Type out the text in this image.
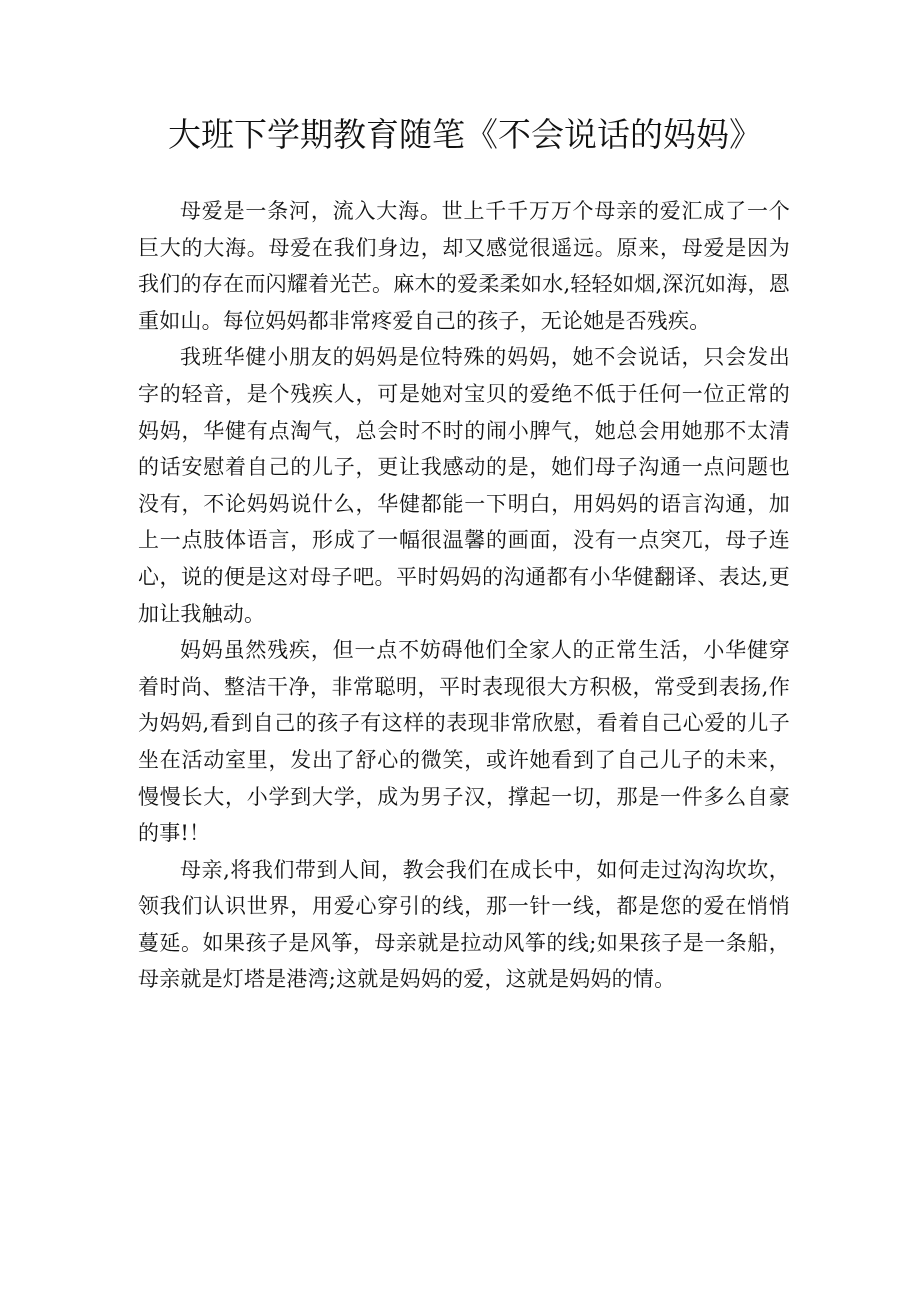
大班下学期教育随笔《不会说话的妈妈》

母爱是一条河，流入大海。世上千千万万个母亲的爱汇成了一个巨大的大海。母爱在我们身边，却又感觉很遥远。原来，母爱是因为我们的存在而闪耀着光芒。麻木的爱柔柔如水,轻轻如烟,深沉如海，恩重如山。每位妈妈都非常疼爱自己的孩子，无论她是否残疾。

我班华健小朋友的妈妈是位特殊的妈妈，她不会说话，只会发出字的轻音，是个残疾人，可是她对宝贝的爱绝不低于任何一位正常的妈妈，华健有点淘气，总会时不时的闹小脾气，她总会用她那不太清的话安慰着自己的儿子，更让我感动的是，她们母子沟通一点问题也没有，不论妈妈说什么，华健都能一下明白，用妈妈的语言沟通，加上一点肢体语言，形成了一幅很温馨的画面，没有一点突兀，母子连心，说的便是这对母子吧。平时妈妈的沟通都有小华健翻译、表达,更加让我触动。

妈妈虽然残疾，但一点不妨碍他们全家人的正常生活，小华健穿着时尚、整洁干净，非常聪明，平时表现很大方积极，常受到表扬,作为妈妈,看到自己的孩子有这样的表现非常欣慰，看着自己心爱的儿子坐在活动室里，发出了舒心的微笑，或许她看到了自己儿子的未来，慢慢长大，小学到大学，成为男子汉，撑起一切，那是一件多么自豪的事!！

母亲,将我们带到人间，教会我们在成长中，如何走过沟沟坎坎，领我们认识世界，用爱心穿引的线，那一针一线，都是您的爱在悄悄蔓延。如果孩子是风筝，母亲就是拉动风筝的线;如果孩子是一条船，母亲就是灯塔是港湾;这就是妈妈的爱，这就是妈妈的情。
